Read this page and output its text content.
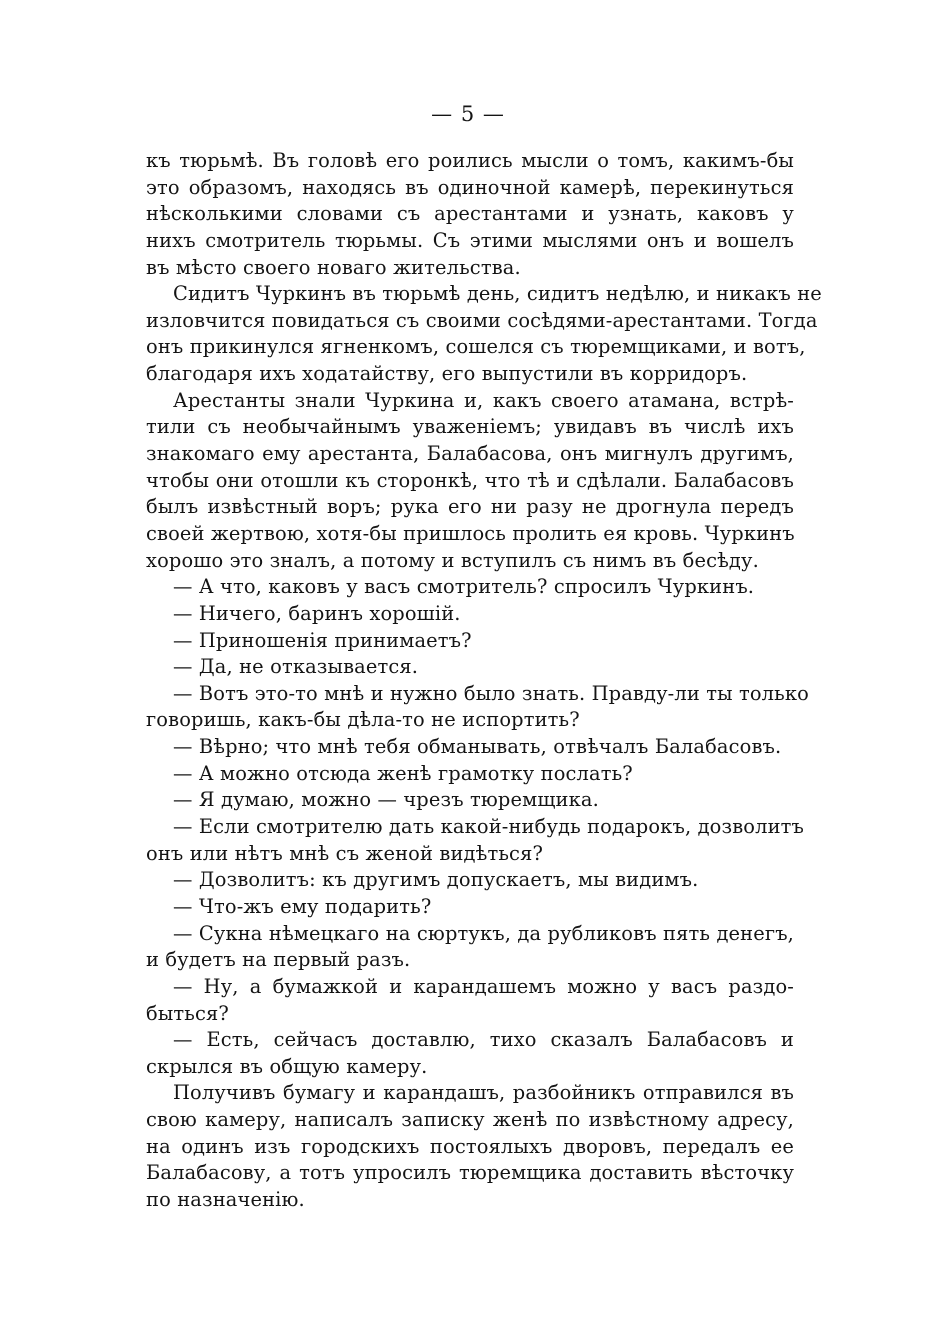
— 5 —
къ тюрьмѣ. Въ головѣ его роились мысли о томъ, какимъ-бы
это образомъ, находясь въ одиночной камерѣ, перекинуться
нѣсколькими словами съ арестантами и узнать, каковъ у
нихъ смотритель тюрьмы. Съ этими мыслями онъ и вошелъ
въ мѣсто своего новаго жительства.
Сидитъ Чуркинъ въ тюрьмѣ день, сидитъ недѣлю, и никакъ не
изловчится повидаться съ своими сосѣдями-арестантами. Тогда
онъ прикинулся ягненкомъ, сошелся съ тюремщиками, и вотъ,
благодаря ихъ ходатайству, его выпустили въ корридоръ.
Арестанты знали Чуркина и, какъ своего атамана, встрѣ-
тили съ необычайнымъ уваженіемъ; увидавъ въ числѣ ихъ
знакомаго ему арестанта, Балабасова, онъ мигнулъ другимъ,
чтобы они отошли къ сторонкѣ, что тѣ и сдѣлали. Балабасовъ
былъ извѣстный воръ; рука его ни разу не дрогнула передъ
своей жертвою, хотя-бы пришлось пролить ея кровь. Чуркинъ
хорошо это зналъ, а потому и вступилъ съ нимъ въ бесѣду.
— А что, каковъ у васъ смотритель? спросилъ Чуркинъ.
— Ничего, баринъ хорошій.
— Приношенія принимаетъ?
— Да, не отказывается.
— Вотъ это-то мнѣ и нужно было знать. Правду-ли ты только
говоришь, какъ-бы дѣла-то не испортить?
— Вѣрно; что мнѣ тебя обманывать, отвѣчалъ Балабасовъ.
— А можно отсюда женѣ грамотку послать?
— Я думаю, можно — чрезъ тюремщика.
— Если смотрителю дать какой-нибудь подарокъ, дозволитъ
онъ или нѣтъ мнѣ съ женой видѣться?
— Дозволитъ: къ другимъ допускаетъ, мы видимъ.
— Что-жъ ему подарить?
— Сукна нѣмецкаго на сюртукъ, да рубликовъ пять денегъ,
и будетъ на первый разъ.
— Ну, а бумажкой и карандашемъ можно у васъ раздо-
быться?
— Есть, сейчасъ доставлю, тихо сказалъ Балабасовъ и
скрылся въ общую камеру.
Получивъ бумагу и карандашъ, разбойникъ отправился въ
свою камеру, написалъ записку женѣ по извѣстному адресу,
на одинъ изъ городскихъ постоялыхъ дворовъ, передалъ ее
Балабасову, а тотъ упросилъ тюремщика доставить вѣсточку
по назначенію.
